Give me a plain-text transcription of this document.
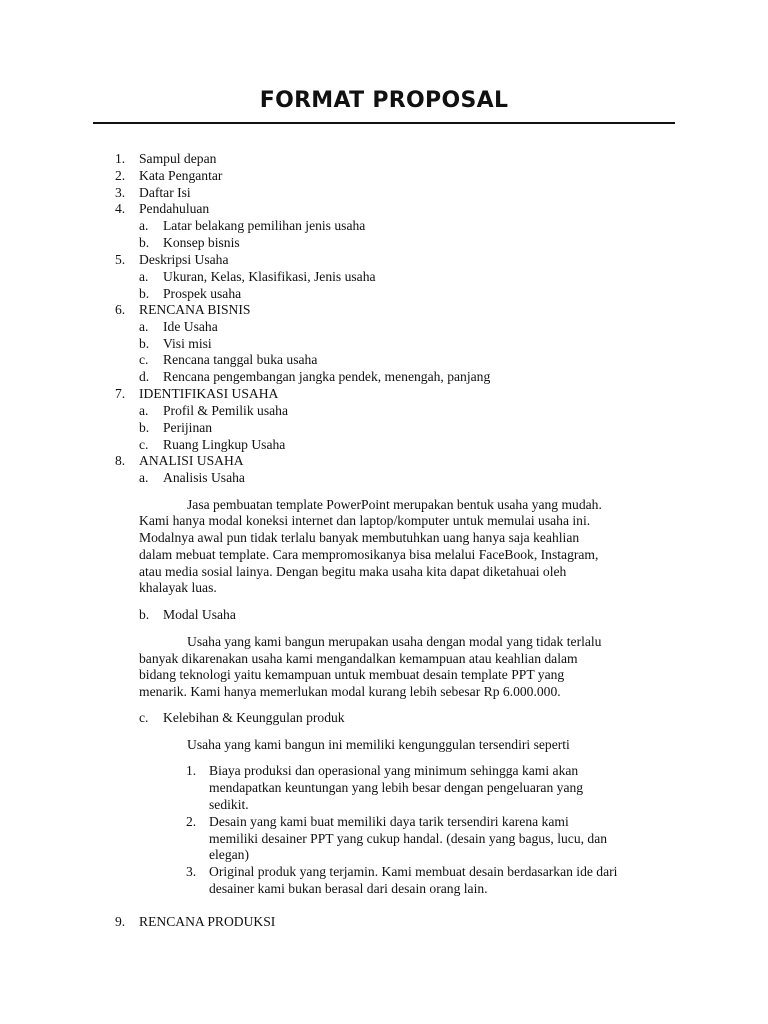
FORMAT PROPOSAL
1. Sampul depan
2. Kata Pengantar
3. Daftar Isi
4. Pendahuluan
a. Latar belakang pemilihan jenis usaha
b. Konsep bisnis
5. Deskripsi Usaha
a. Ukuran, Kelas, Klasifikasi, Jenis usaha
b. Prospek usaha
6. RENCANA BISNIS
a. Ide Usaha
b. Visi misi
c. Rencana tanggal buka usaha
d. Rencana pengembangan jangka pendek, menengah, panjang
7. IDENTIFIKASI USAHA
a. Profil & Pemilik usaha
b. Perijinan
c. Ruang Lingkup Usaha
8. ANALISI USAHA
a. Analisis Usaha
Jasa pembuatan template PowerPoint merupakan bentuk usaha yang mudah.
Kami hanya modal koneksi internet dan laptop/komputer untuk memulai usaha ini.
Modalnya awal pun tidak terlalu banyak membutuhkan uang hanya saja keahlian
dalam mebuat template. Cara mempromosikanya bisa melalui FaceBook, Instagram,
atau media sosial lainya. Dengan begitu maka usaha kita dapat diketahuai oleh
khalayak luas.
b. Modal Usaha
Usaha yang kami bangun merupakan usaha dengan modal yang tidak terlalu
banyak dikarenakan usaha kami mengandalkan kemampuan atau keahlian dalam
bidang teknologi yaitu kemampuan untuk membuat desain template PPT yang
menarik. Kami hanya memerlukan modal kurang lebih sebesar Rp 6.000.000.
c. Kelebihan & Keunggulan produk
Usaha yang kami bangun ini memiliki kengunggulan tersendiri seperti
1. Biaya produksi dan operasional yang minimum sehingga kami akan
mendapatkan keuntungan yang lebih besar dengan pengeluaran yang
sedikit.
2. Desain yang kami buat memiliki daya tarik tersendiri karena kami
memiliki desainer PPT yang cukup handal. (desain yang bagus, lucu, dan
elegan)
3. Original produk yang terjamin. Kami membuat desain berdasarkan ide dari
desainer kami bukan berasal dari desain orang lain.
9. RENCANA PRODUKSI
